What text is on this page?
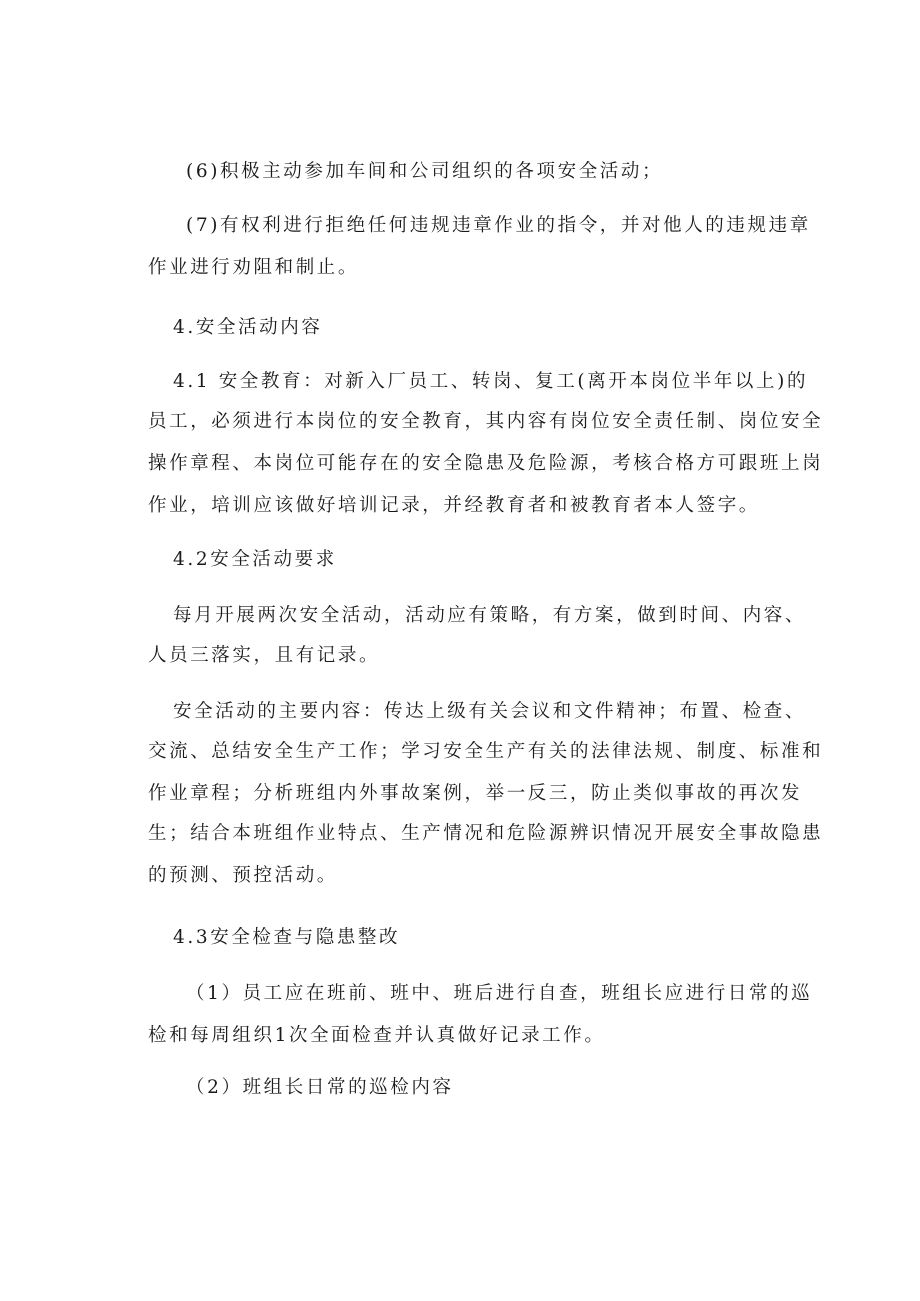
(6)积极主动参加车间和公司组织的各项安全活动；
(7)有权利进行拒绝任何违规违章作业的指令，并对他人的违规违章
作业进行劝阻和制止。
4.安全活动内容
4.1 安全教育：对新入厂员工、转岗、复工(离开本岗位半年以上)的
员工，必须进行本岗位的安全教育，其内容有岗位安全责任制、岗位安全
操作章程、本岗位可能存在的安全隐患及危险源，考核合格方可跟班上岗
作业，培训应该做好培训记录，并经教育者和被教育者本人签字。
4.2安全活动要求
每月开展两次安全活动，活动应有策略，有方案，做到时间、内容、
人员三落实，且有记录。
安全活动的主要内容：传达上级有关会议和文件精神；布置、检查、
交流、总结安全生产工作；学习安全生产有关的法律法规、制度、标准和
作业章程；分析班组内外事故案例，举一反三，防止类似事故的再次发
生；结合本班组作业特点、生产情况和危险源辨识情况开展安全事故隐患
的预测、预控活动。
4.3安全检查与隐患整改
（1）员工应在班前、班中、班后进行自查，班组长应进行日常的巡
检和每周组织1次全面检查并认真做好记录工作。
（2）班组长日常的巡检内容
